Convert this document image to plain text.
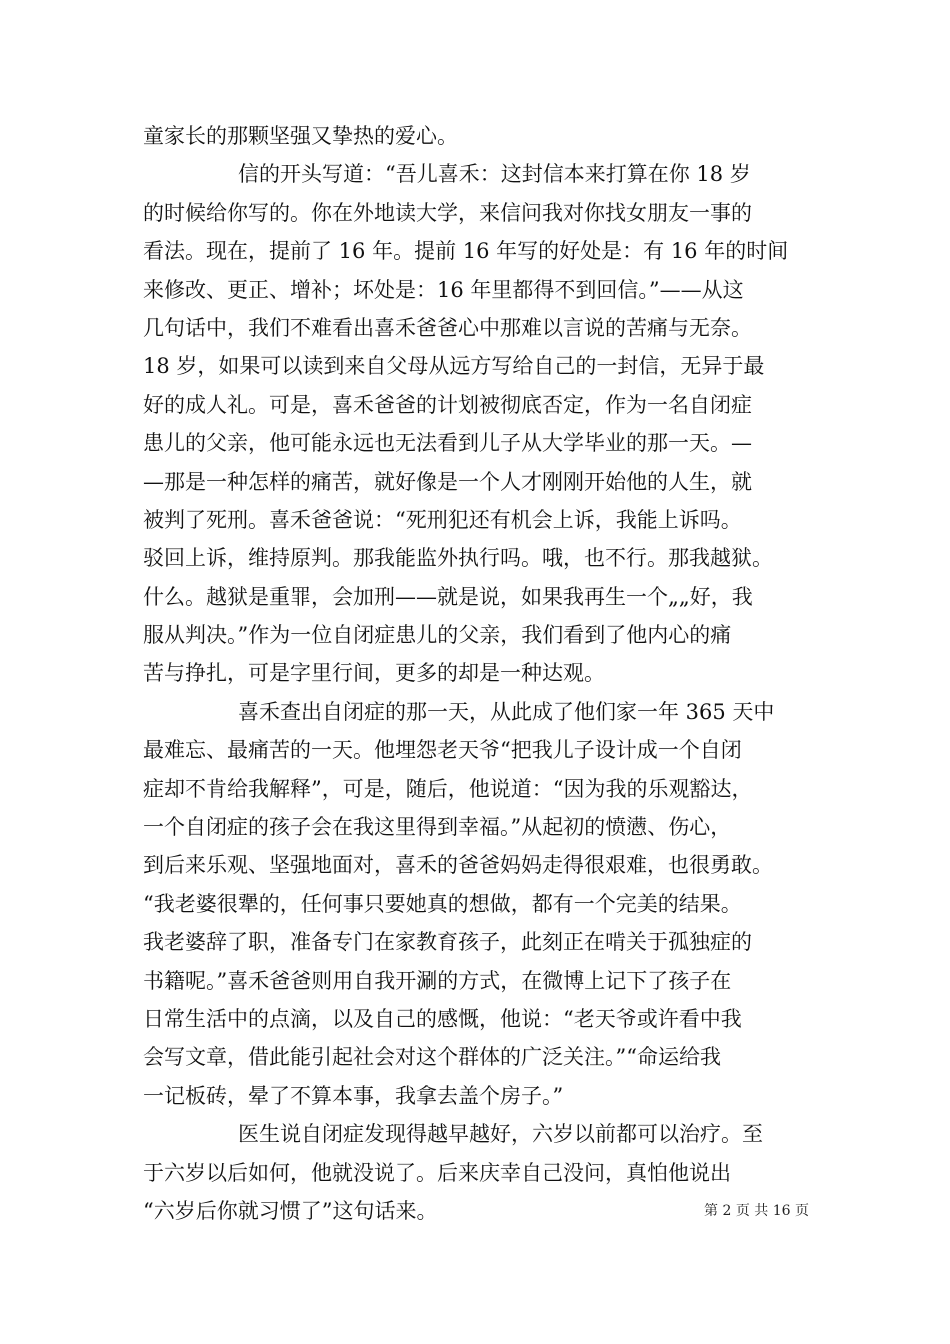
童家长的那颗坚强又挚热的爱心。
信的开头写道：“吾儿喜禾：这封信本来打算在你 18 岁
的时候给你写的。你在外地读大学，来信问我对你找女朋友一事的
看法。现在，提前了 16 年。提前 16 年写的好处是：有 16 年的时间
来修改、更正、增补；坏处是：16 年里都得不到回信。”——从这
几句话中，我们不难看出喜禾爸爸心中那难以言说的苦痛与无奈。
18 岁，如果可以读到来自父母从远方写给自己的一封信，无异于最
好的成人礼。可是，喜禾爸爸的计划被彻底否定，作为一名自闭症
患儿的父亲，他可能永远也无法看到儿子从大学毕业的那一天。—
—那是一种怎样的痛苦，就好像是一个人才刚刚开始他的人生，就
被判了死刑。喜禾爸爸说：“死刑犯还有机会上诉，我能上诉吗。
驳回上诉，维持原判。那我能监外执行吗。哦，也不行。那我越狱。
什么。越狱是重罪，会加刑——就是说，如果我再生一个„„好，我
服从判决。”作为一位自闭症患儿的父亲，我们看到了他内心的痛
苦与挣扎，可是字里行间，更多的却是一种达观。
喜禾查出自闭症的那一天，从此成了他们家一年 365 天中
最难忘、最痛苦的一天。他埋怨老天爷“把我儿子设计成一个自闭
症却不肯给我解释”，可是，随后，他说道：“因为我的乐观豁达，
一个自闭症的孩子会在我这里得到幸福。”从起初的愤懑、伤心，
到后来乐观、坚强地面对，喜禾的爸爸妈妈走得很艰难，也很勇敢。
“我老婆很犟的，任何事只要她真的想做，都有一个完美的结果。
我老婆辞了职，准备专门在家教育孩子，此刻正在啃关于孤独症的
书籍呢。”喜禾爸爸则用自我开涮的方式，在微博上记下了孩子在
日常生活中的点滴，以及自己的感慨，他说：“老天爷或许看中我
会写文章，借此能引起社会对这个群体的广泛关注。”“命运给我
一记板砖，晕了不算本事，我拿去盖个房子。”
医生说自闭症发现得越早越好，六岁以前都可以治疗。至
于六岁以后如何，他就没说了。后来庆幸自己没问，真怕他说出
“六岁后你就习惯了”这句话来。	第 2 页 共 16 页
